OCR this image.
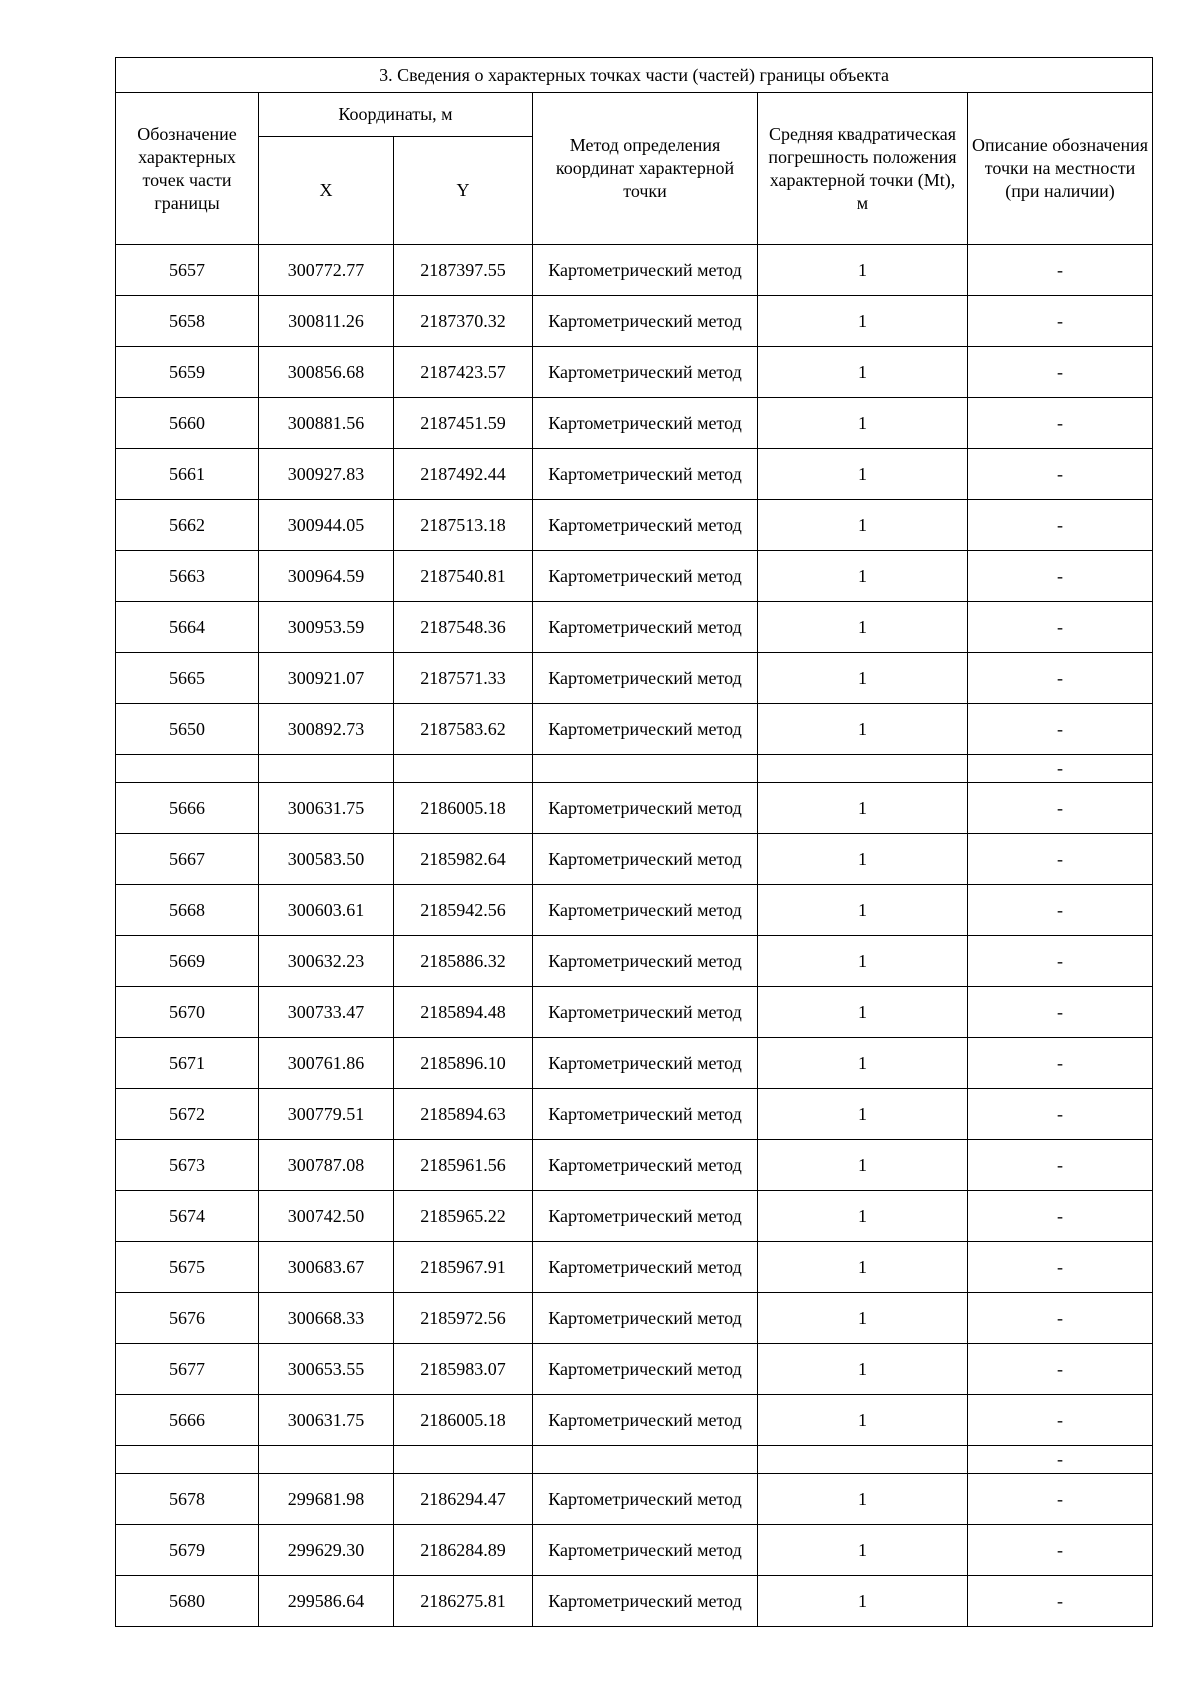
3. Сведения о характерных точках части (частей) границы объекта					
Обозначение характерных точек части границы	Координаты, м		Метод определения координат характерной точки	Средняя квадратическая погрешность положения характерной точки (Mt), м	Описание обозначения точки на местности (при наличии)
	X	Y			
5657	300772.77	2187397.55	Картометрический метод	1	-
5658	300811.26	2187370.32	Картометрический метод	1	-
5659	300856.68	2187423.57	Картометрический метод	1	-
5660	300881.56	2187451.59	Картометрический метод	1	-
5661	300927.83	2187492.44	Картометрический метод	1	-
5662	300944.05	2187513.18	Картометрический метод	1	-
5663	300964.59	2187540.81	Картометрический метод	1	-
5664	300953.59	2187548.36	Картометрический метод	1	-
5665	300921.07	2187571.33	Картометрический метод	1	-
5650	300892.73	2187583.62	Картометрический метод	1	-
					-
5666	300631.75	2186005.18	Картометрический метод	1	-
5667	300583.50	2185982.64	Картометрический метод	1	-
5668	300603.61	2185942.56	Картометрический метод	1	-
5669	300632.23	2185886.32	Картометрический метод	1	-
5670	300733.47	2185894.48	Картометрический метод	1	-
5671	300761.86	2185896.10	Картометрический метод	1	-
5672	300779.51	2185894.63	Картометрический метод	1	-
5673	300787.08	2185961.56	Картометрический метод	1	-
5674	300742.50	2185965.22	Картометрический метод	1	-
5675	300683.67	2185967.91	Картометрический метод	1	-
5676	300668.33	2185972.56	Картометрический метод	1	-
5677	300653.55	2185983.07	Картометрический метод	1	-
5666	300631.75	2186005.18	Картометрический метод	1	-
					-
5678	299681.98	2186294.47	Картометрический метод	1	-
5679	299629.30	2186284.89	Картометрический метод	1	-
5680	299586.64	2186275.81	Картометрический метод	1	-
